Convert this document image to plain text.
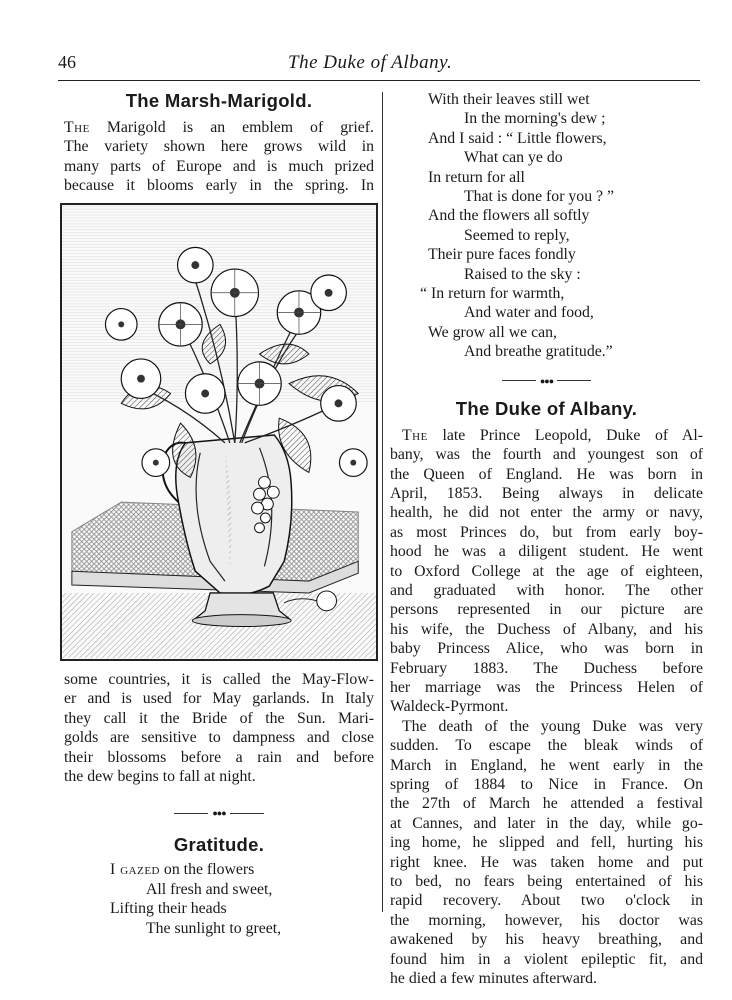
46	The Duke of Albany.
The Marsh-Marigold.
The Marigold is an emblem of grief.
The variety shown here grows wild in
many parts of Europe and is much prized
because it blooms early in the spring. In
some countries, it is called the May-Flow-
er and is used for May garlands. In Italy
they call it the Bride of the Sun. Mari-
golds are sensitive to dampness and close
their blossoms before a rain and before
the dew begins to fall at night.
●●●
Gratitude.
I gazed on the flowers
All fresh and sweet,
Lifting their heads
The sunlight to greet,
With their leaves still wet
In the morning's dew ;
And I said : “ Little flowers,
What can ye do
In return for all
That is done for you ? ”
And the flowers all softly
Seemed to reply,
Their pure faces fondly
Raised to the sky :
“ In return for warmth,
And water and food,
We grow all we can,
And breathe gratitude.”
●●●
The Duke of Albany.
The late Prince Leopold, Duke of Al-
bany, was the fourth and youngest son of
the Queen of England. He was born in
April, 1853. Being always in delicate
health, he did not enter the army or navy,
as most Princes do, but from early boy-
hood he was a diligent student. He went
to Oxford College at the age of eighteen,
and graduated with honor. The other
persons represented in our picture are
his wife, the Duchess of Albany, and his
baby Princess Alice, who was born in
February 1883. The Duchess before
her marriage was the Princess Helen of
Waldeck-Pyrmont.
The death of the young Duke was very
sudden. To escape the bleak winds of
March in England, he went early in the
spring of 1884 to Nice in France. On
the 27th of March he attended a festival
at Cannes, and later in the day, while go-
ing home, he slipped and fell, hurting his
right knee. He was taken home and put
to bed, no fears being entertained of his
rapid recovery. About two o'clock in
the morning, however, his doctor was
awakened by his heavy breathing, and
found him in a violent epileptic fit, and
he died a few minutes afterward.
